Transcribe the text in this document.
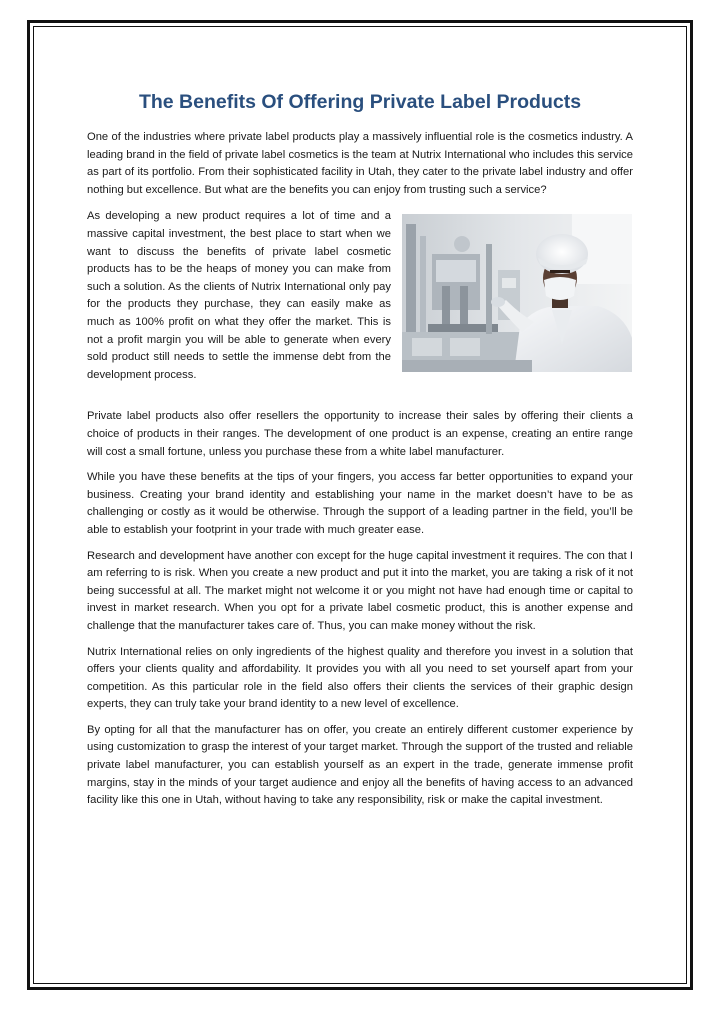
The Benefits Of Offering Private Label Products

One of the industries where private label products play a massively influential role is the cosmetics industry. A leading brand in the field of private label cosmetics is the team at Nutrix International who includes this service as part of its portfolio. From their sophisticated facility in Utah, they cater to the private label industry and offer nothing but excellence. But what are the benefits you can enjoy from trusting such a service?

As developing a new product requires a lot of time and a massive capital investment, the best place to start when we want to discuss the benefits of private label cosmetic products has to be the heaps of money you can make from such a solution. As the clients of Nutrix International only pay for the products they purchase, they can easily make as much as 100% profit on what they offer the market. This is not a profit margin you will be able to generate when every sold product still needs to settle the immense debt from the development process.

Private label products also offer resellers the opportunity to increase their sales by offering their clients a choice of products in their ranges. The development of one product is an expense, creating an entire range will cost a small fortune, unless you purchase these from a white label manufacturer.

While you have these benefits at the tips of your fingers, you access far better opportunities to expand your business. Creating your brand identity and establishing your name in the market doesn’t have to be as challenging or costly as it would be otherwise. Through the support of a leading partner in the field, you’ll be able to establish your footprint in your trade with much greater ease.

Research and development have another con except for the huge capital investment it requires. The con that I am referring to is risk. When you create a new product and put it into the market, you are taking a risk of it not being successful at all. The market might not welcome it or you might not have had enough time or capital to invest in market research. When you opt for a private label cosmetic product, this is another expense and challenge that the manufacturer takes care of. Thus, you can make money without the risk.

Nutrix International relies on only ingredients of the highest quality and therefore you invest in a solution that offers your clients quality and affordability. It provides you with all you need to set yourself apart from your competition. As this particular role in the field also offers their clients the services of their graphic design experts, they can truly take your brand identity to a new level of excellence.

By opting for all that the manufacturer has on offer, you create an entirely different customer experience by using customization to grasp the interest of your target market. Through the support of the trusted and reliable private label manufacturer, you can establish yourself as an expert in the trade, generate immense profit margins, stay in the minds of your target audience and enjoy all the benefits of having access to an advanced facility like this one in Utah, without having to take any responsibility, risk or make the capital investment.
